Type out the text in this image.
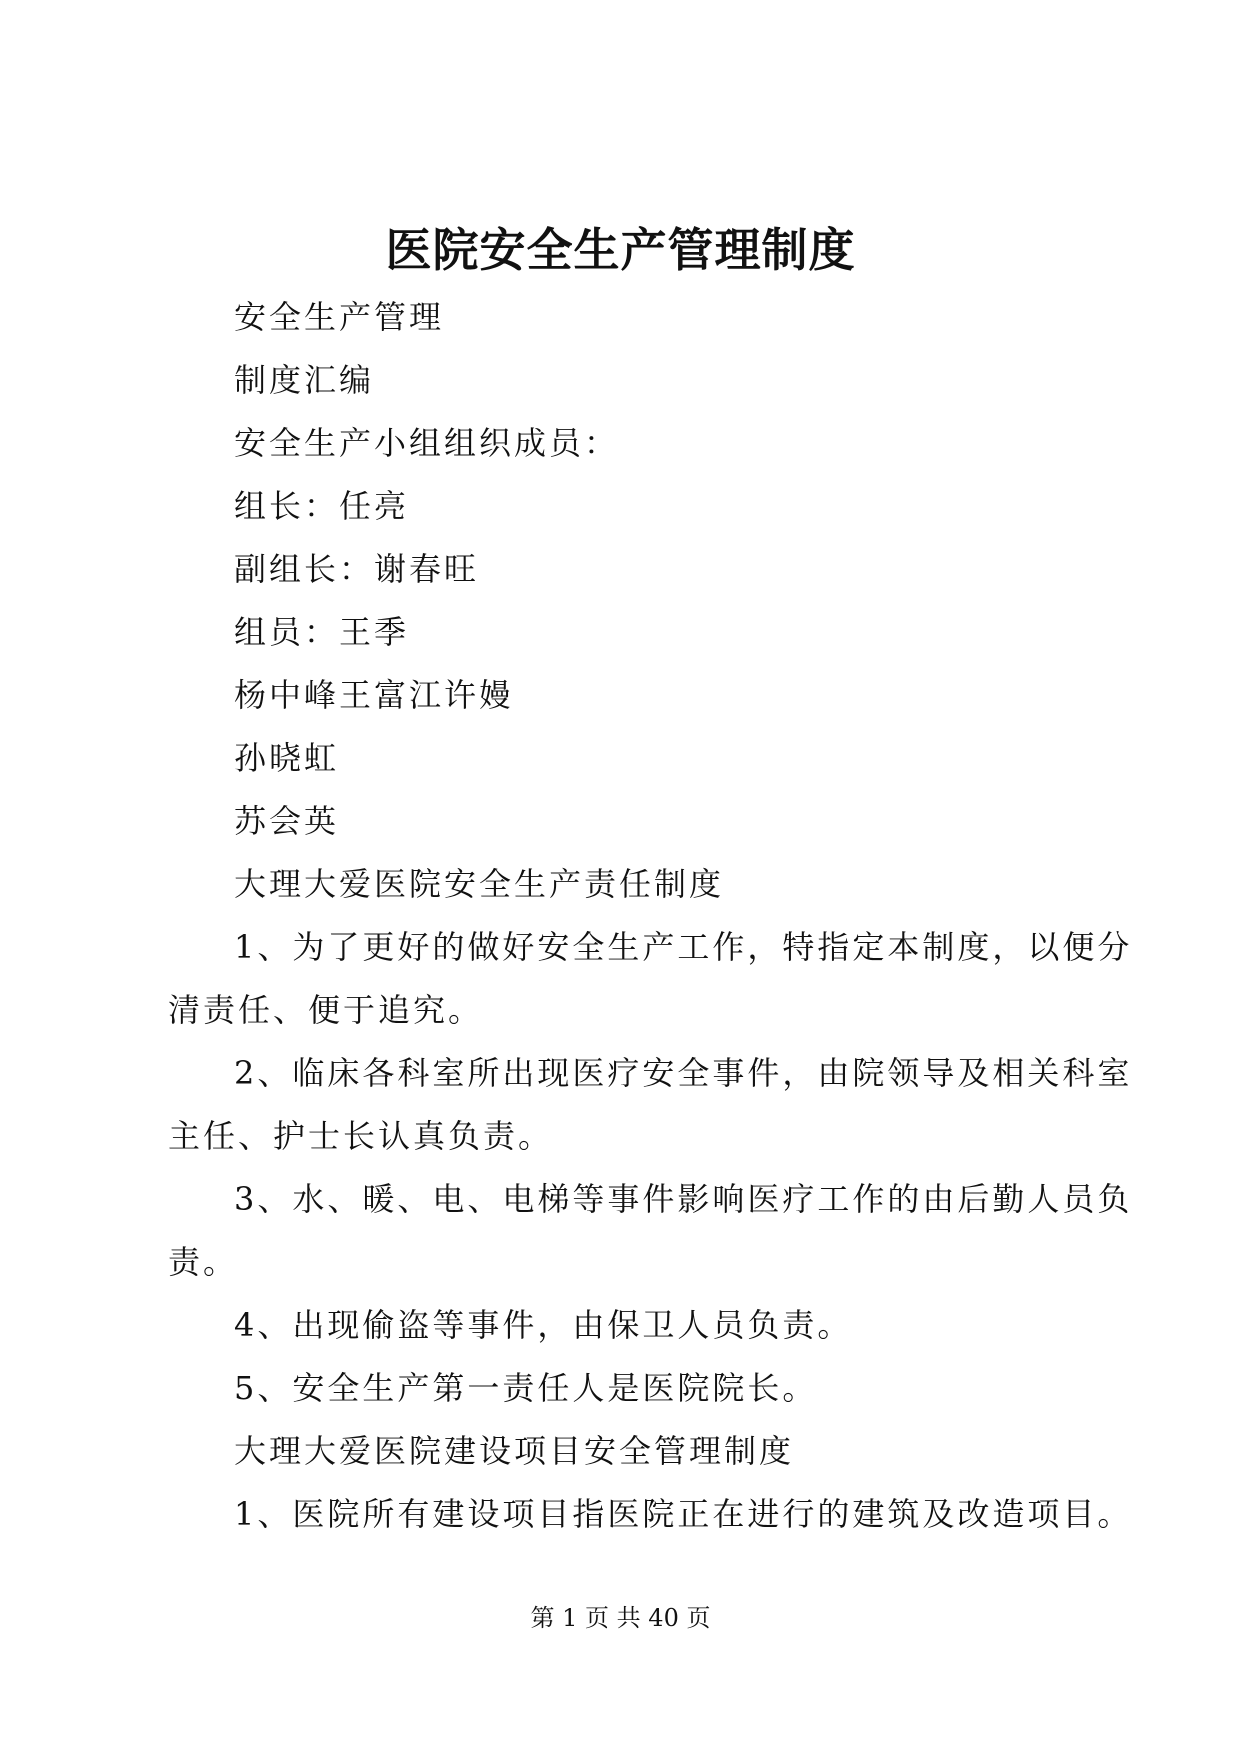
医院安全生产管理制度
安全生产管理
制度汇编
安全生产小组组织成员：
组长：任亮
副组长：谢春旺
组员：王季
杨中峰王富江许嫚
孙晓虹
苏会英
大理大爱医院安全生产责任制度
1、为了更好的做好安全生产工作，特指定本制度，以便分
清责任、便于追究。
2、临床各科室所出现医疗安全事件，由院领导及相关科室
主任、护士长认真负责。
3、水、暖、电、电梯等事件影响医疗工作的由后勤人员负
责。
4、出现偷盗等事件，由保卫人员负责。
5、安全生产第一责任人是医院院长。
大理大爱医院建设项目安全管理制度
1、医院所有建设项目指医院正在进行的建筑及改造项目。
第 1 页 共 40 页
